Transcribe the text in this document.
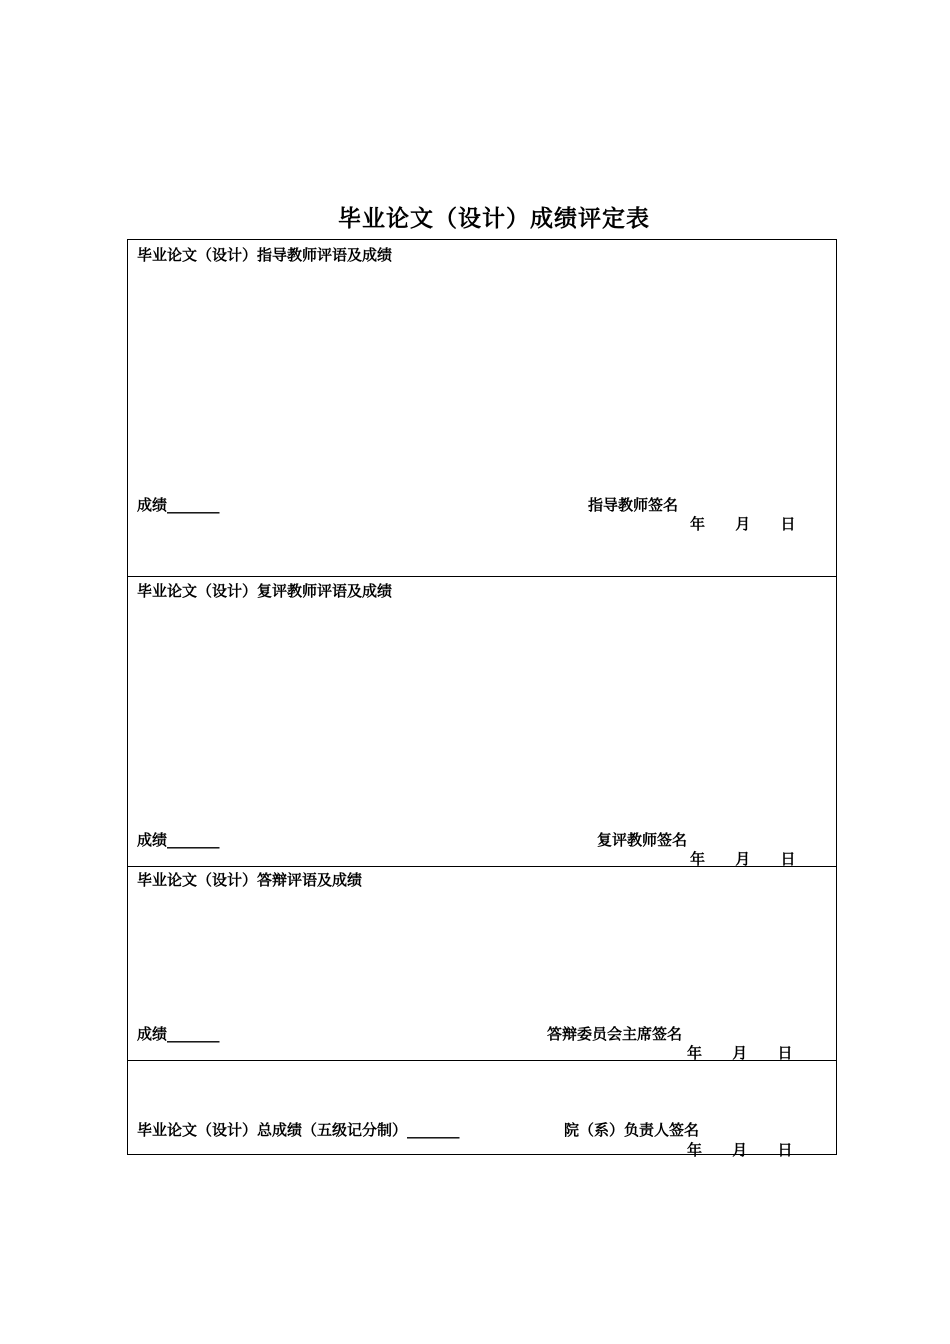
毕业论文（设计）成绩评定表
毕业论文（设计）指导教师评语及成绩
成绩_______	指导教师签名
年 月 日
毕业论文（设计）复评教师评语及成绩
成绩_______	复评教师签名
年 月 日
毕业论文（设计）答辩评语及成绩
成绩_______	答辩委员会主席签名
年 月 日
毕业论文（设计）总成绩（五级记分制）_______	院（系）负责人签名
年 月 日
